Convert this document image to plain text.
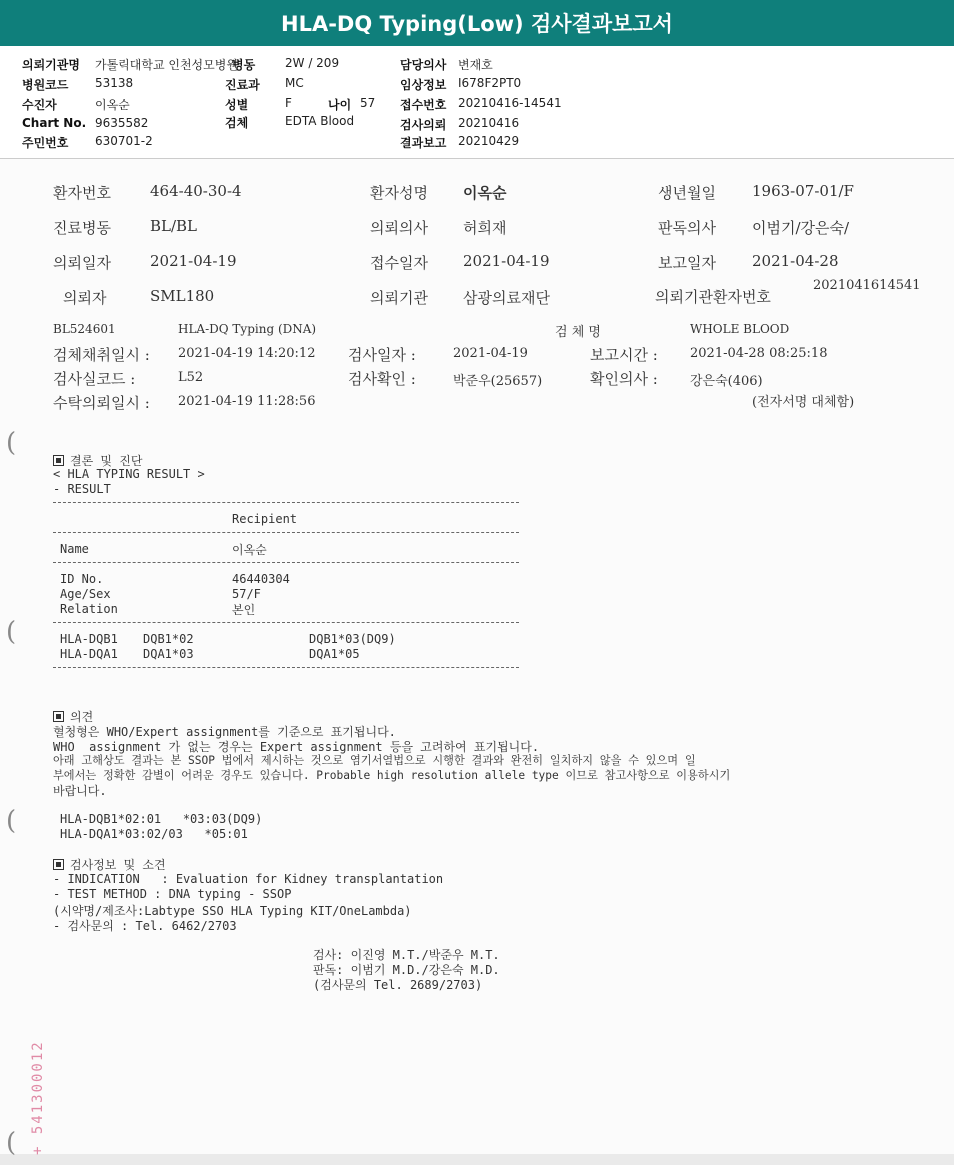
HLA-DQ Typing(Low) 검사결과보고서
의뢰기관명 가톨릭대학교 인천성모병원
병동 2W / 209	담당의사 변재호
병원코드 53138	진료과 MC	임상정보 I678F2PT0
수진자	이옥순	성별	F	나이 57 접수번호 20210416-14541
Chart No. 9635582	검체	EDTA Blood	검사의뢰 20210416
주민번호 630701-2	결과보고 20210429
환자번호	464-40-30-4	환자성명 이옥순	생년월일 1963-07-01/F
진료병동	BL/BL	의뢰의사 허희재	판독의사 이범기/강은숙/
의뢰일자	2021-04-19	접수일자 2021-04-19	보고일자 2021-04-28
의뢰자	SML180	의뢰기관 삼광의료재단	의뢰기관환자번호
2021041614541
BL524601	HLA-DQ Typing (DNA)	검 체 명	WHOLE BLOOD
검체채취일시 : 2021-04-19 14:20:12 검사일자 :	2021-04-19	보고시간 : 2021-04-28 08:25:18
검사실코드 :	L52	검사확인 :	박준우(25657)	확인의사 : 강은숙(406)
수탁의뢰일시 : 2021-04-19 11:28:56	(전자서명 대체함)
(
(
(
(
결론 및 진단
< HLA TYPING RESULT >
- RESULT
Recipient
Name	이옥순
ID No.	46440304
Age/Sex	57/F
Relation	본인
HLA-DQB1 DQB1*02	DQB1*03(DQ9)
HLA-DQA1 DQA1*03	DQA1*05
의견
혈청형은 WHO/Expert assignment를 기준으로 표기됩니다.
WHO  assignment 가 없는 경우는 Expert assignment 등을 고려하여 표기됩니다.
아래 고해상도 결과는 본 SSOP 법에서 제시하는 것으로 염기서열법으로 시행한 결과와 완전히 일치하지 않을 수 있으며 일
부에서는 정확한 감별이 어려운 경우도 있습니다. Probable high resolution allele type 이므로 참고사항으로 이용하시기
바랍니다.
HLA-DQB1*02:01   *03:03(DQ9)
HLA-DQA1*03:02/03   *05:01
검사정보 및 소견
- INDICATION   : Evaluation for Kidney transplantation
- TEST METHOD : DNA typing - SSOP
(시약명/제조사:Labtype SSO HLA Typing KIT/OneLambda)
- 검사문의 : Tel. 6462/2703
검사: 이진영 M.T./박준우 M.T.
판독: 이범기 M.D./강은숙 M.D.
(검사문의 Tel. 2689/2703)
+ 541300012
